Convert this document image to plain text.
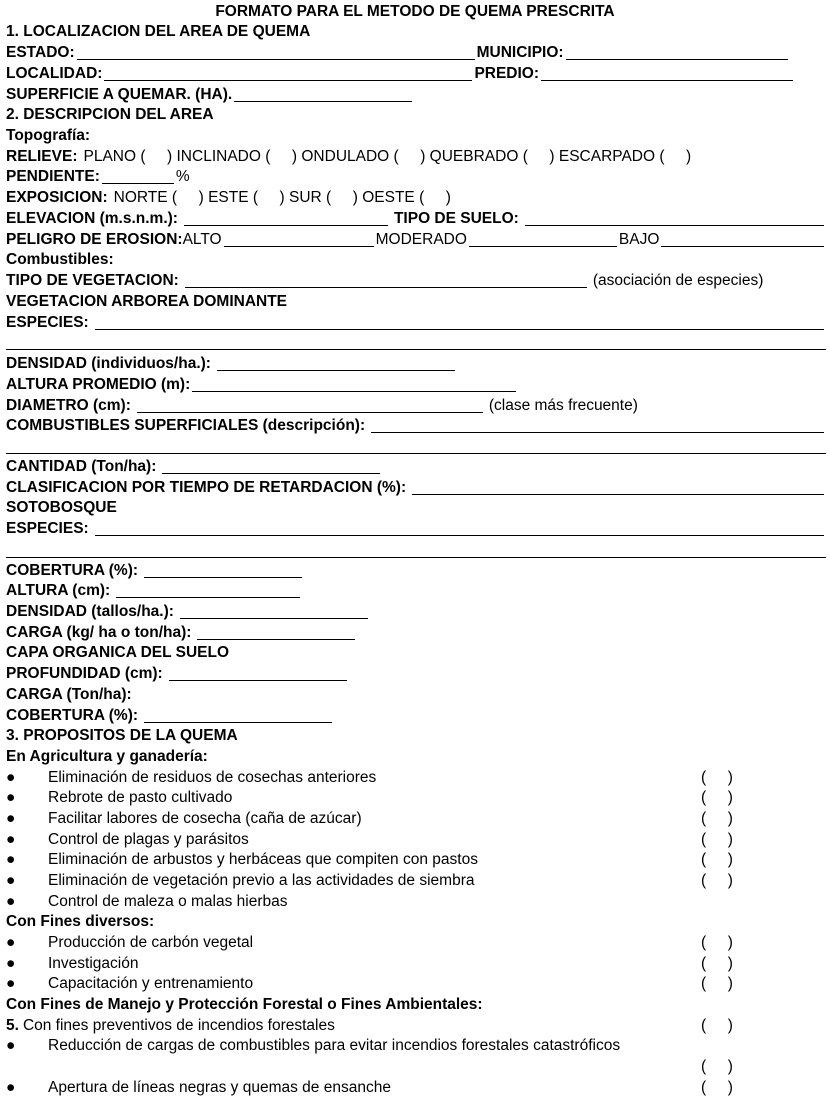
FORMATO PARA EL METODO DE QUEMA PRESCRITA
1. LOCALIZACION DEL AREA DE QUEMA
ESTADO:	MUNICIPIO:
LOCALIDAD:	PREDIO:
SUPERFICIE A QUEMAR. (HA).
2. DESCRIPCION DEL AREA
Topografía:
RELIEVE: PLANO (     ) INCLINADO (     ) ONDULADO (     ) QUEBRADO (     ) ESCARPADO (     )
PENDIENTE:	%
EXPOSICION: NORTE (     ) ESTE (     ) SUR (     ) OESTE (     )
ELEVACION (m.s.n.m.):	TIPO DE SUELO:
PELIGRO DE EROSION: ALTO	MODERADO	BAJO
Combustibles:
TIPO DE VEGETACION:	(asociación de especies)
VEGETACION ARBOREA DOMINANTE
ESPECIES:
DENSIDAD (individuos/ha.):
ALTURA PROMEDIO (m):
DIAMETRO (cm):	(clase más frecuente)
COMBUSTIBLES SUPERFICIALES (descripción):
CANTIDAD (Ton/ha):
CLASIFICACION POR TIEMPO DE RETARDACION (%):
SOTOBOSQUE
ESPECIES:
COBERTURA (%):
ALTURA (cm):
DENSIDAD (tallos/ha.):
CARGA (kg/ ha o ton/ha):
CAPA ORGANICA DEL SUELO
PROFUNDIDAD (cm):
CARGA (Ton/ha):
COBERTURA (%):
3. PROPOSITOS DE LA QUEMA
En Agricultura y ganadería:
●	Eliminación de residuos de cosechas anteriores	(     )
●	Rebrote de pasto cultivado	(     )
●	Facilitar labores de cosecha (caña de azúcar)	(     )
●	Control de plagas y parásitos	(     )
●	Eliminación de arbustos y herbáceas que compiten con pastos	(     )
●	Eliminación de vegetación previo a las actividades de siembra	(     )
●	Control de maleza o malas hierbas
Con Fines diversos:
●	Producción de carbón vegetal	(     )
●	Investigación	(     )
●	Capacitación y entrenamiento	(     )
Con Fines de Manejo y Protección Forestal o Fines Ambientales:
5. Con fines preventivos de incendios forestales	(     )
●	Reducción de cargas de combustibles para evitar incendios forestales catastróficos
(     )
●	Apertura de líneas negras y quemas de ensanche	(     )
